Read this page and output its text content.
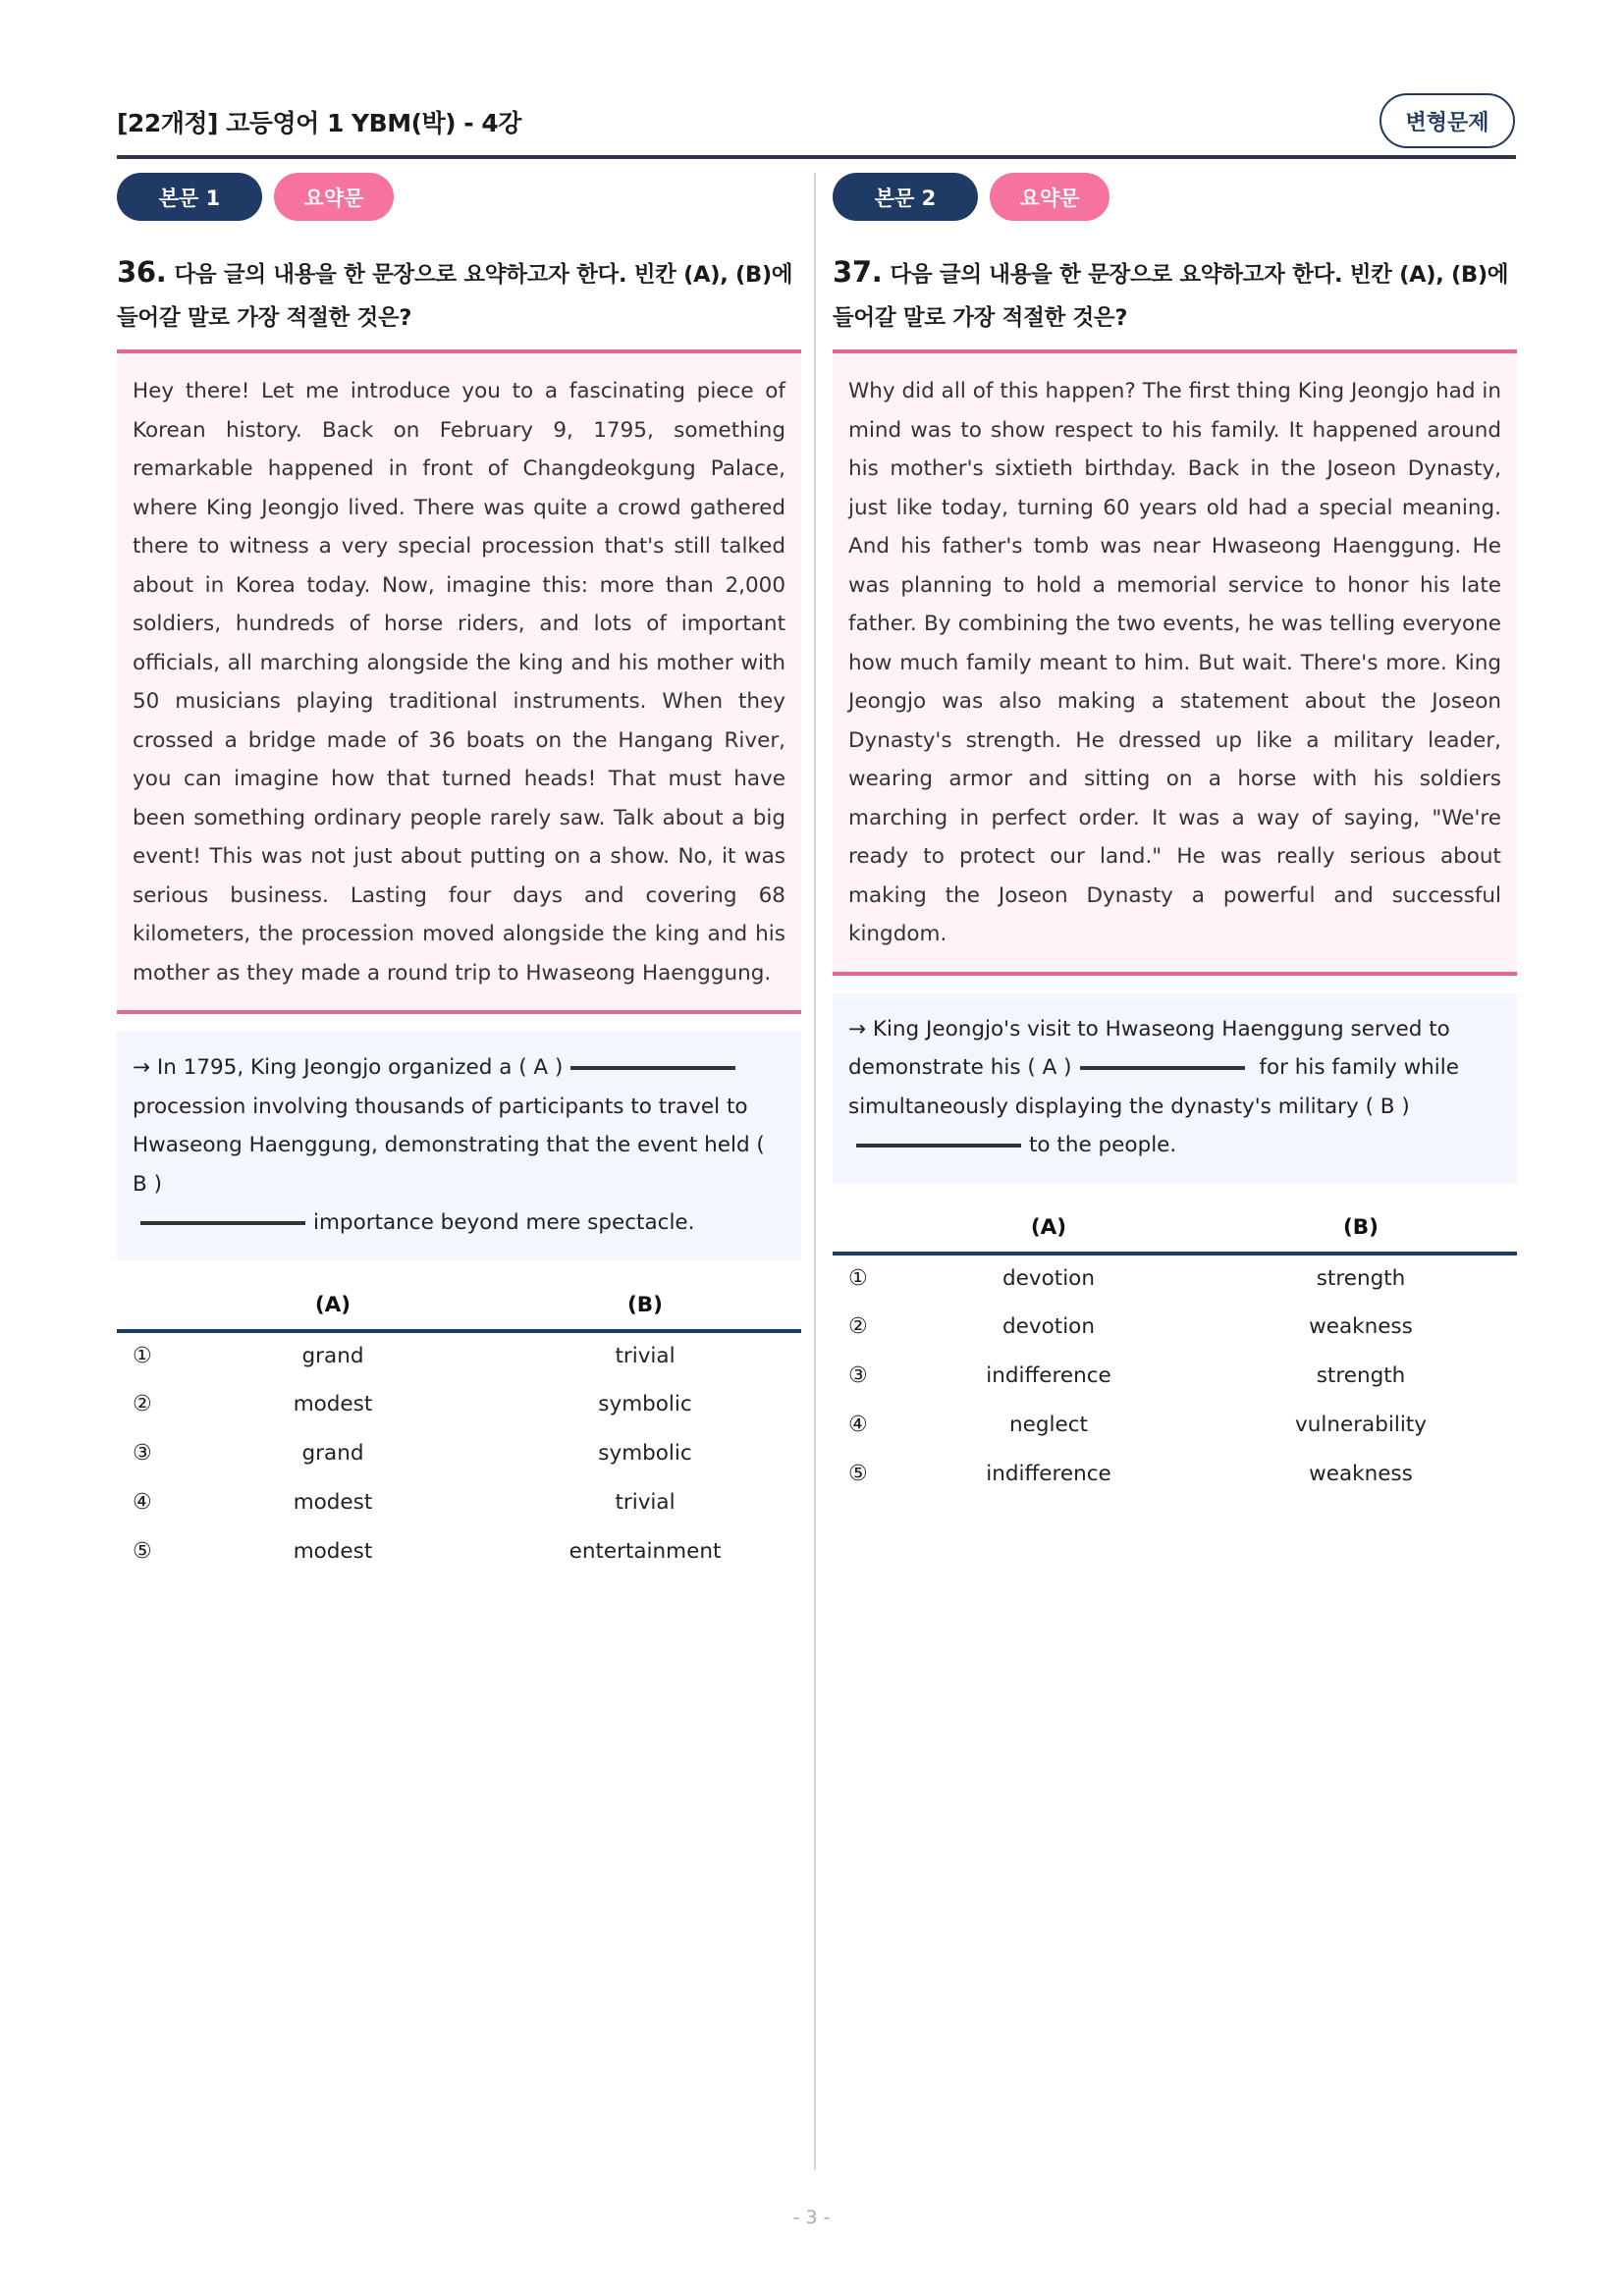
[22개정] 고등영어 1 YBM(박) - 4강	변형문제
본문 1	요약문
36. 다음 글의 내용을 한 문장으로 요약하고자 한다. 빈칸 (A), (B)에 들어갈 말로 가장 적절한 것은?
Hey there! Let me introduce you to a fascinating piece of Korean history. Back on February 9, 1795, something remarkable happened in front of Changdeokgung Palace, where King Jeongjo lived. There was quite a crowd gathered there to witness a very special procession that's still talked about in Korea today. Now, imagine this: more than 2,000 soldiers, hundreds of horse riders, and lots of important officials, all marching alongside the king and his mother with 50 musicians playing traditional instruments. When they crossed a bridge made of 36 boats on the Hangang River, you can imagine how that turned heads! That must have been something ordinary people rarely saw. Talk about a big event! This was not just about putting on a show. No, it was serious business. Lasting four days and covering 68 kilometers, the procession moved alongside the king and his mother as they made a round trip to Hwaseong Haenggung.
→ In 1795, King Jeongjo organized a ( A ) procession involving thousands of participants to travel to Hwaseong Haenggung, demonstrating that the event held ( B )
importance beyond mere spectacle.
	(A)	(B)
①	grand	trivial
②	modest	symbolic
③	grand	symbolic
④	modest	trivial
⑤	modest	entertainment
본문 2	요약문
37. 다음 글의 내용을 한 문장으로 요약하고자 한다. 빈칸 (A), (B)에 들어갈 말로 가장 적절한 것은?
Why did all of this happen? The first thing King Jeongjo had in mind was to show respect to his family. It happened around his mother's sixtieth birthday. Back in the Joseon Dynasty, just like today, turning 60 years old had a special meaning. And his father's tomb was near Hwaseong Haenggung. He was planning to hold a memorial service to honor his late father. By combining the two events, he was telling everyone how much family meant to him. But wait. There's more. King Jeongjo was also making a statement about the Joseon Dynasty's strength. He dressed up like a military leader, wearing armor and sitting on a horse with his soldiers marching in perfect order. It was a way of saying, "We're ready to protect our land." He was really serious about making the Joseon Dynasty a powerful and successful kingdom.
→ King Jeongjo's visit to Hwaseong Haenggung served to demonstrate his ( A )	for his family while simultaneously displaying the dynasty's military ( B )
to the people.
	(A)	(B)
①	devotion	strength
②	devotion	weakness
③	indifference	strength
④	neglect	vulnerability
⑤	indifference	weakness
- 3 -
